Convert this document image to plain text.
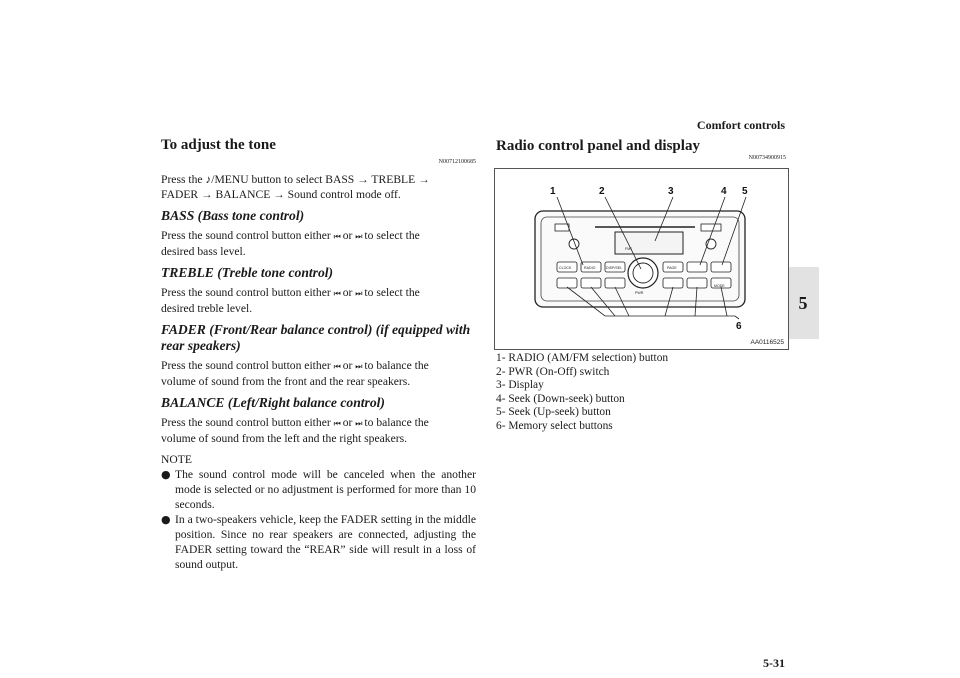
Comfort controls
5-31
5
To adjust the tone
N00712100685

Press the ♪/MENU button to select BASS → TREBLE →
FADER → BALANCE → Sound control mode off.

BASS (Bass tone control)

Press the sound control button either ⏮ or ⏭ to select the
desired bass level.

TREBLE (Treble tone control)

Press the sound control button either ⏮ or ⏭ to select the
desired treble level.

FADER (Front/Rear balance control) (if equipped with
rear speakers)

Press the sound control button either ⏮ or ⏭ to balance the
volume of sound from the front and the rear speakers.

BALANCE (Left/Right balance control)

Press the sound control button either ⏮ or ⏭ to balance the
volume of sound from the left and the right speakers.

NOTE
● The sound control mode will be canceled when the another mode is selected or no adjustment is performed for more than 10 seconds.
● In a two-speakers vehicle, keep the FADER setting in the middle position. Since no rear speakers are connected, adjusting the FADER setting toward the “REAR” side will result in a loss of sound output.
Radio control panel and display
N00734900915
CLOCK	RADIO	DISP/SEL	PAGE
FM1
PWR
MODE
1	2	3	4 5
6
AA0116525
1- RADIO (AM/FM selection) button
2- PWR (On-Off) switch
3- Display
4- Seek (Down-seek) button
5- Seek (Up-seek) button
6- Memory select buttons
